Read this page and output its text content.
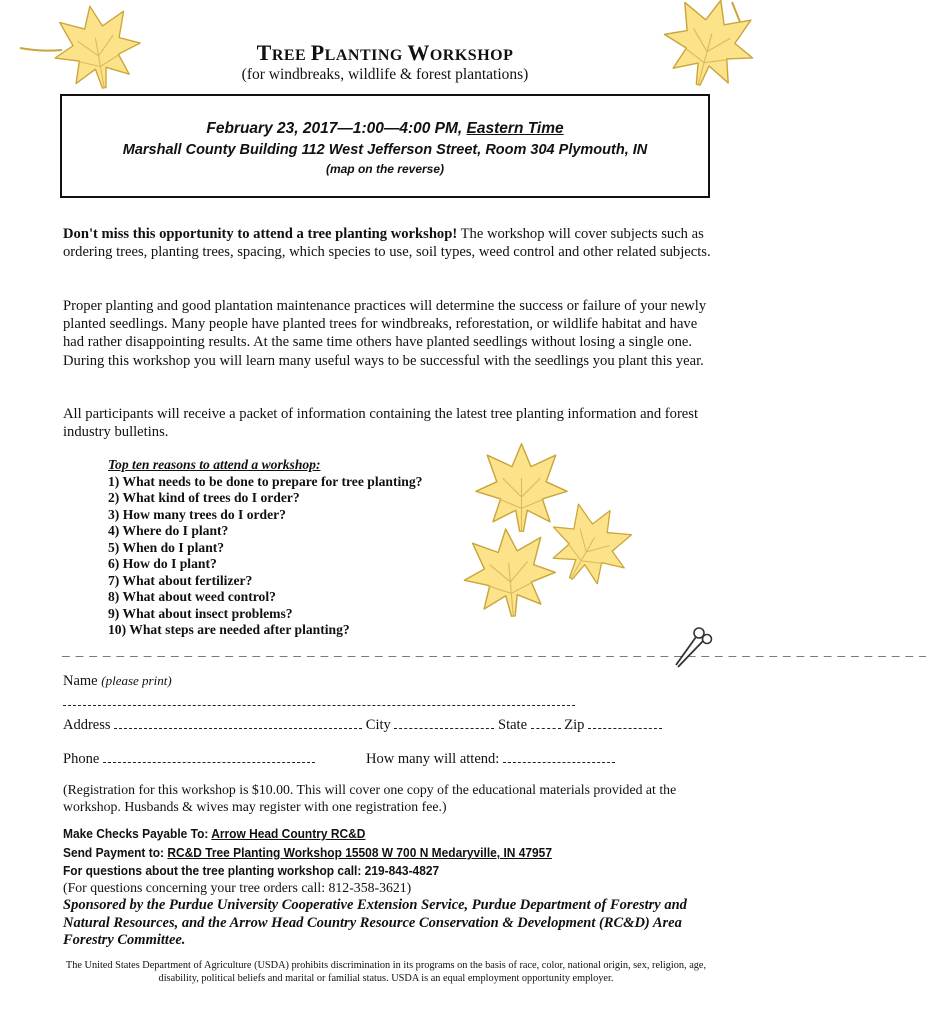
TREE PLANTING WORKSHOP
(for windbreaks, wildlife & forest plantations)
February 23, 2017—1:00—4:00 PM, Eastern Time
Marshall County Building 112 West Jefferson Street, Room 304 Plymouth, IN
(map on the reverse)
Don't miss this opportunity to attend a tree planting workshop! The workshop will cover subjects such as ordering trees, planting trees, spacing, which species to use, soil types, weed control and other related subjects.
Proper planting and good plantation maintenance practices will determine the success or failure of your newly planted seedlings. Many people have planted trees for windbreaks, reforestation, or wildlife habitat and have had rather disappointing results. At the same time others have planted seedlings without losing a single one. During this workshop you will learn many useful ways to be successful with the seedlings you plant this year.
All participants will receive a packet of information containing the latest tree planting information and forest industry bulletins.
Top ten reasons to attend a workshop:
1) What needs to be done to prepare for tree planting?
2) What kind of trees do I order?
3) How many trees do I order?
4) Where do I plant?
5) When do I plant?
6) How do I plant?
7) What about fertilizer?
8) What about weed control?
9) What about insect problems?
10) What steps are needed after planting?
_ _ _ _ _ _ _ _ _ _ _ _ _ _ _ _ _ _ _ _ _ _ _ _ _ _ _ _ _ _ _ _ _ _ _ _ _ _ _ _ _ _ _ _ _ _ _ _ _ _ _ _ _ _ _ _ _ _ _ _ _ _ _ _
Name (please print)
Address	City	State  Zip
Phone	How many will attend:
(Registration for this workshop is $10.00. This will cover one copy of the educational materials provided at the workshop. Husbands & wives may register with one registration fee.)
Make Checks Payable To: Arrow Head Country RC&D
Send Payment to: RC&D Tree Planting Workshop 15508 W 700 N Medaryville, IN 47957
For questions about the tree planting workshop call: 219-843-4827
(For questions concerning your tree orders call: 812-358-3621)
Sponsored by the Purdue University Cooperative Extension Service, Purdue Department of Forestry and Natural Resources, and the Arrow Head Country Resource Conservation & Development (RC&D) Area Forestry Committee.
The United States Department of Agriculture (USDA) prohibits discrimination in its programs on the basis of race, color, national origin, sex, religion, age, disability, political beliefs and marital or familial status. USDA is an equal employment opportunity employer.
